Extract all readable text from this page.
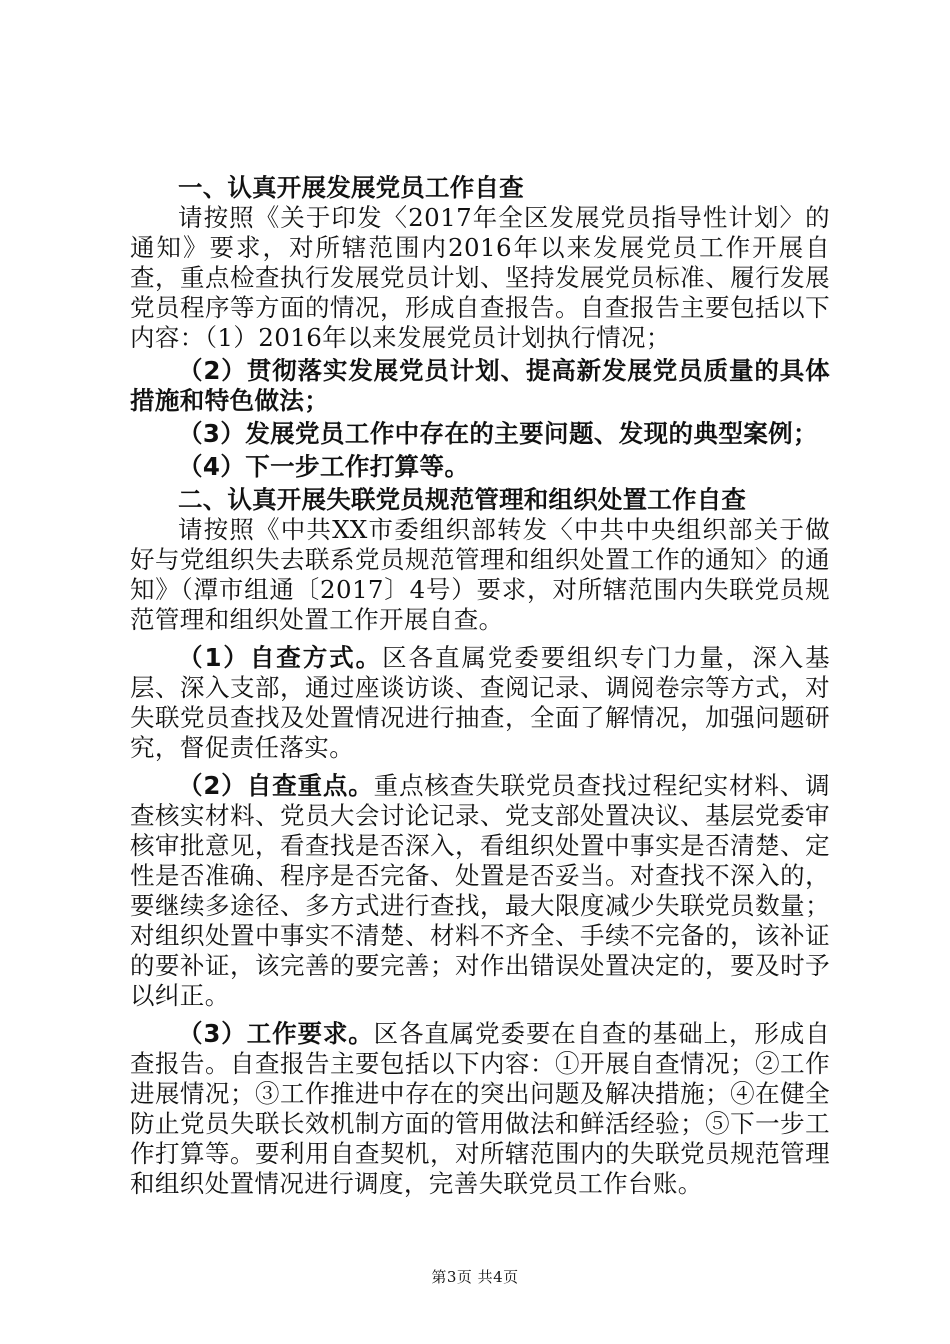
一、认真开展发展党员工作自查

请按照《关于印发〈2017年全区发展党员指导性计划〉的通知》要求，对所辖范围内2016年以来发展党员工作开展自查，重点检查执行发展党员计划、坚持发展党员标准、履行发展党员程序等方面的情况，形成自查报告。自查报告主要包括以下内容：（1）2016年以来发展党员计划执行情况；

（2）贯彻落实发展党员计划、提高新发展党员质量的具体措施和特色做法；

（3）发展党员工作中存在的主要问题、发现的典型案例；

（4）下一步工作打算等。

二、认真开展失联党员规范管理和组织处置工作自查

请按照《中共XX市委组织部转发〈中共中央组织部关于做好与党组织失去联系党员规范管理和组织处置工作的通知〉的通知》（潭市组通〔2017〕4号）要求，对所辖范围内失联党员规范管理和组织处置工作开展自查。

（1）自查方式。区各直属党委要组织专门力量，深入基层、深入支部，通过座谈访谈、查阅记录、调阅卷宗等方式，对失联党员查找及处置情况进行抽查，全面了解情况，加强问题研究，督促责任落实。

（2）自查重点。重点核查失联党员查找过程纪实材料、调查核实材料、党员大会讨论记录、党支部处置决议、基层党委审核审批意见，看查找是否深入，看组织处置中事实是否清楚、定性是否准确、程序是否完备、处置是否妥当。对查找不深入的，要继续多途径、多方式进行查找，最大限度减少失联党员数量；对组织处置中事实不清楚、材料不齐全、手续不完备的，该补证的要补证，该完善的要完善；对作出错误处置决定的，要及时予以纠正。

（3）工作要求。区各直属党委要在自查的基础上，形成自查报告。自查报告主要包括以下内容：①开展自查情况；②工作进展情况；③工作推进中存在的突出问题及解决措施；④在健全防止党员失联长效机制方面的管用做法和鲜活经验；⑤下一步工作打算等。要利用自查契机，对所辖范围内的失联党员规范管理和组织处置情况进行调度，完善失联党员工作台账。

第3页 共4页
